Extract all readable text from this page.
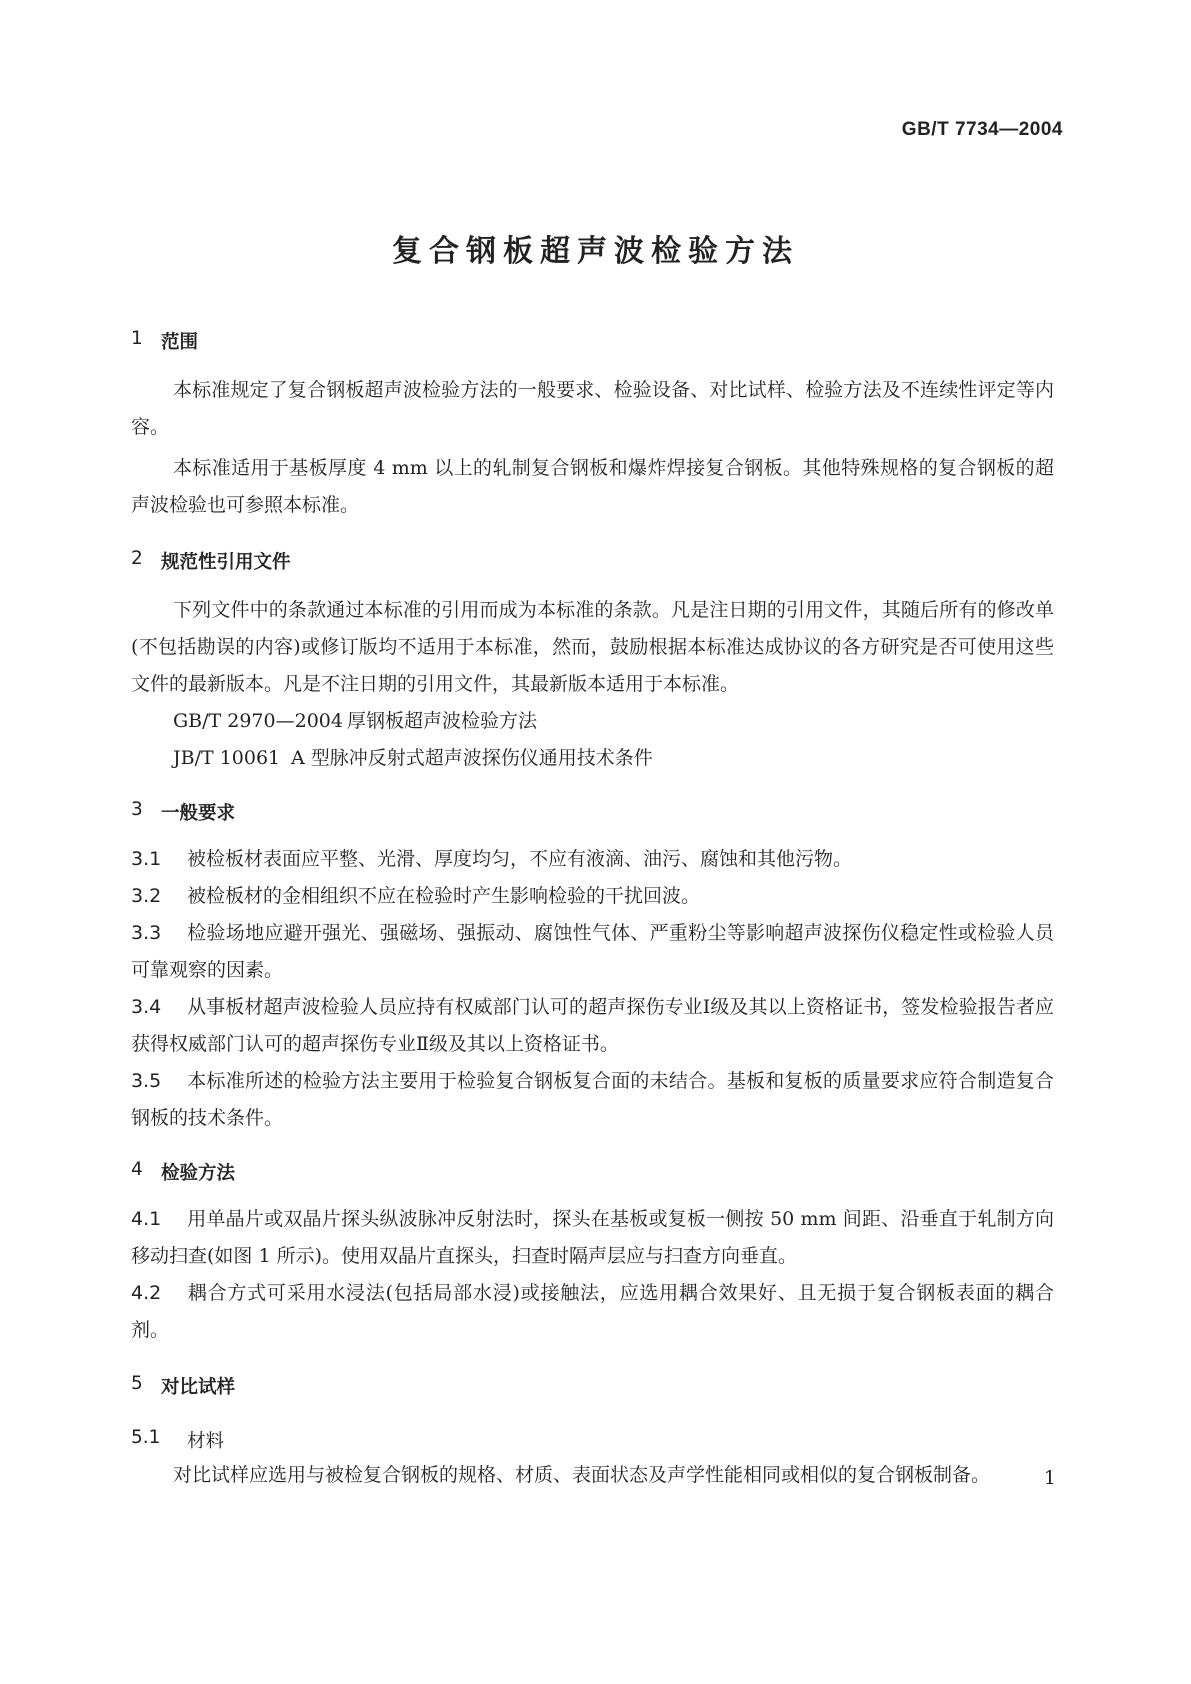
GB/T 7734—2004
复合钢板超声波检验方法
1 范围
本标准规定了复合钢板超声波检验方法的一般要求、检验设备、对比试样、检验方法及不连续性评定等内容。
本标准适用于基板厚度 4 mm 以上的轧制复合钢板和爆炸焊接复合钢板。其他特殊规格的复合钢板的超声波检验也可参照本标准。
2 规范性引用文件
下列文件中的条款通过本标准的引用而成为本标准的条款。凡是注日期的引用文件，其随后所有的修改单(不包括勘误的内容)或修订版均不适用于本标准，然而，鼓励根据本标准达成协议的各方研究是否可使用这些文件的最新版本。凡是不注日期的引用文件，其最新版本适用于本标准。
GB/T 2970—2004 厚钢板超声波检验方法
JB/T 10061 A 型脉冲反射式超声波探伤仪通用技术条件
3 一般要求
3.1 被检板材表面应平整、光滑、厚度均匀，不应有液滴、油污、腐蚀和其他污物。
3.2 被检板材的金相组织不应在检验时产生影响检验的干扰回波。
3.3 检验场地应避开强光、强磁场、强振动、腐蚀性气体、严重粉尘等影响超声波探伤仪稳定性或检验人员可靠观察的因素。
3.4 从事板材超声波检验人员应持有权威部门认可的超声探伤专业Ⅰ级及其以上资格证书，签发检验报告者应获得权威部门认可的超声探伤专业Ⅱ级及其以上资格证书。
3.5 本标准所述的检验方法主要用于检验复合钢板复合面的未结合。基板和复板的质量要求应符合制造复合钢板的技术条件。
4 检验方法
4.1 用单晶片或双晶片探头纵波脉冲反射法时，探头在基板或复板一侧按 50 mm 间距、沿垂直于轧制方向移动扫查(如图 1 所示)。使用双晶片直探头，扫查时隔声层应与扫查方向垂直。
4.2 耦合方式可采用水浸法(包括局部水浸)或接触法，应选用耦合效果好、且无损于复合钢板表面的耦合剂。
5 对比试样
5.1	材料
对比试样应选用与被检复合钢板的规格、材质、表面状态及声学性能相同或相似的复合钢板制备。	1
